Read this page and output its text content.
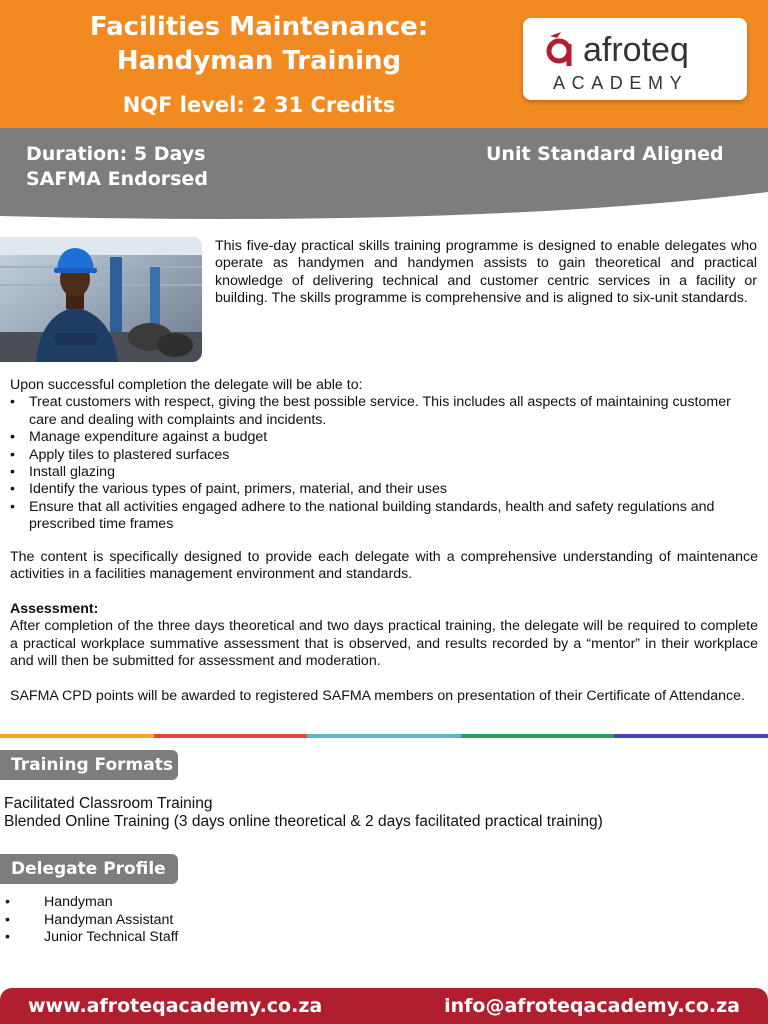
Facilities Maintenance:
Handyman Training
NQF level: 2 31 Credits
afroteq
ACADEMY
Duration: 5 Days
SAFMA Endorsed
Unit Standard Aligned
This five-day practical skills training programme is designed to enable delegates who operate as handymen and handymen assists to gain theoretical and practical knowledge of delivering technical and customer centric services in a facility or building. The skills programme is comprehensive and is aligned to six-unit standards.
Upon successful completion the delegate will be able to:
• Treat customers with respect, giving the best possible service. This includes all aspects of maintaining customer care and dealing with complaints and incidents.
• Manage expenditure against a budget
• Apply tiles to plastered surfaces
• Install glazing
• Identify the various types of paint, primers, material, and their uses
• Ensure that all activities engaged adhere to the national building standards, health and safety regulations and prescribed time frames
The content is specifically designed to provide each delegate with a comprehensive understanding of maintenance activities in a facilities management environment and standards.
Assessment:
After completion of the three days theoretical and two days practical training, the delegate will be required to complete a practical workplace summative assessment that is observed, and results recorded by a “mentor” in their workplace and will then be submitted for assessment and moderation.
SAFMA CPD points will be awarded to registered SAFMA members on presentation of their Certificate of Attendance.
Training Formats
Facilitated Classroom Training
Blended Online Training (3 days online theoretical & 2 days facilitated practical training)
Delegate Profile
• Handyman
• Handyman Assistant
• Junior Technical Staff
www.afroteqacademy.co.za	info@afroteqacademy.co.za
